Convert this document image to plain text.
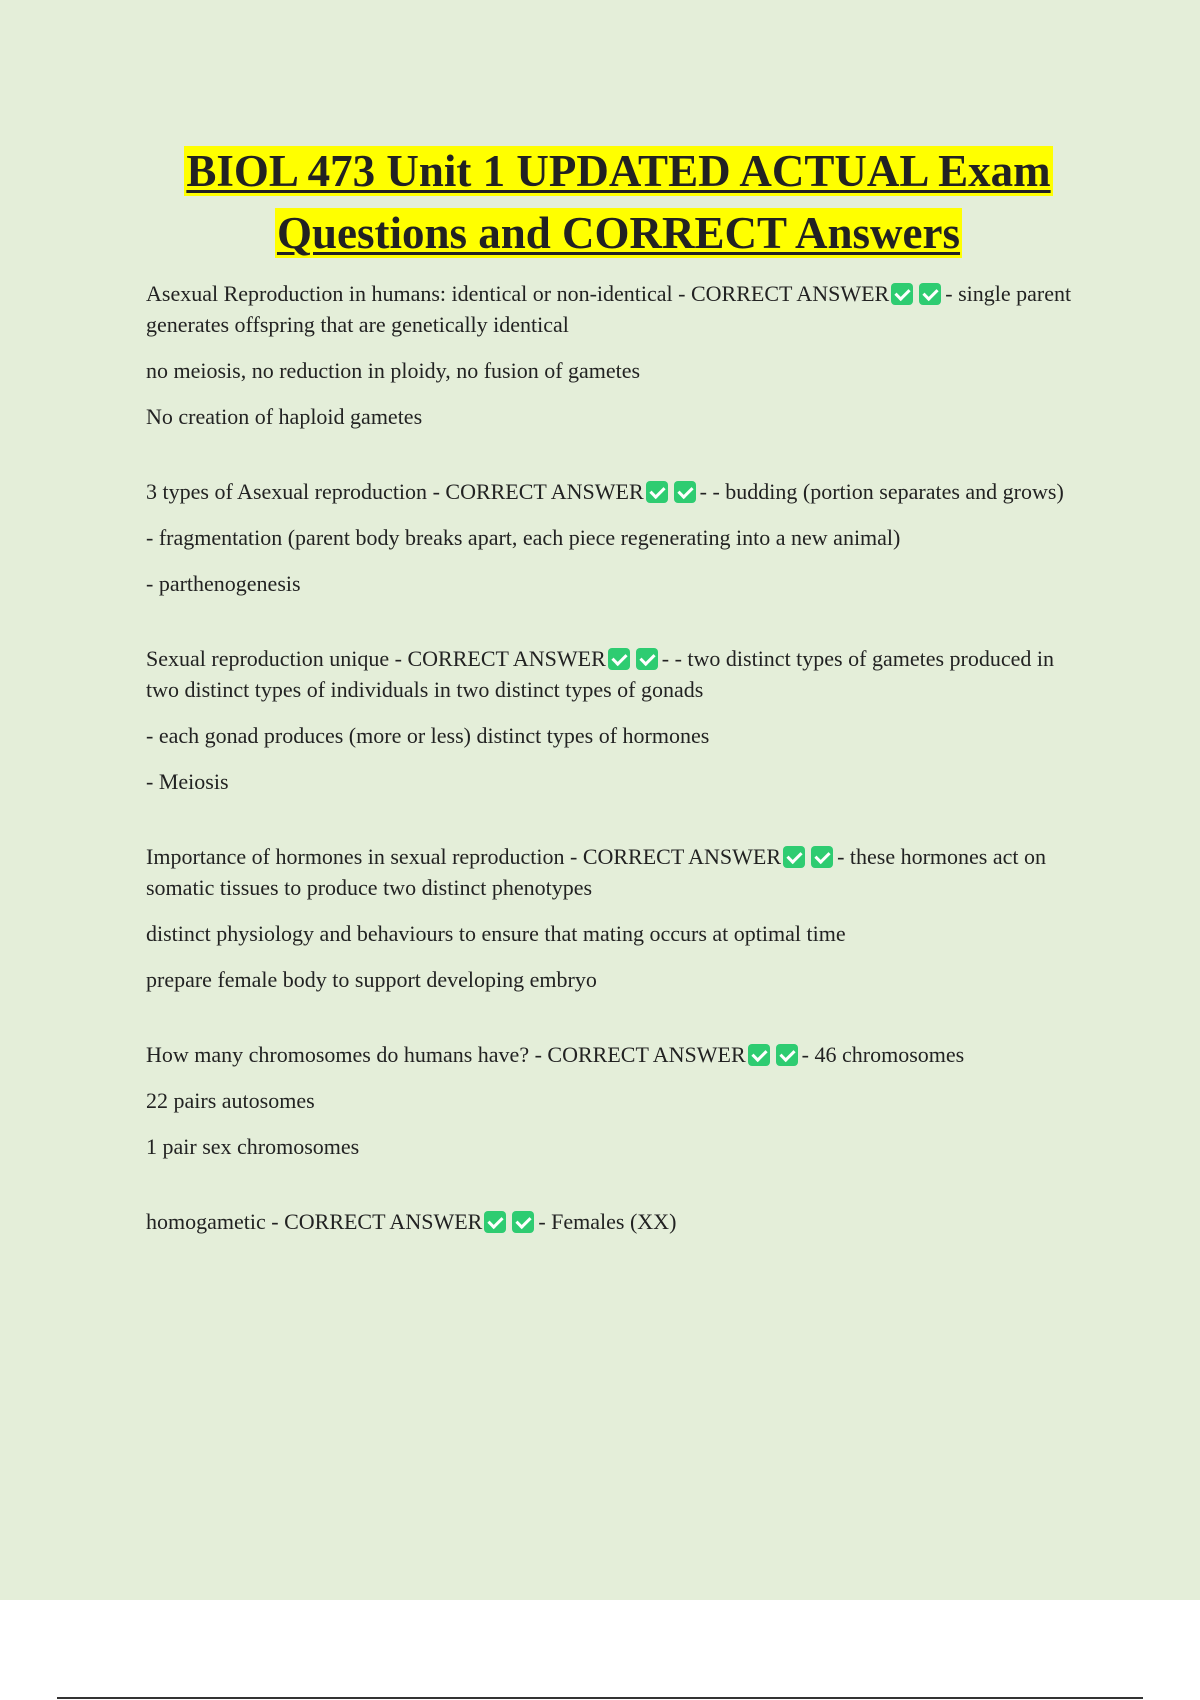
BIOL 473 Unit 1 UPDATED ACTUAL Exam
Questions and CORRECT Answers
Asexual Reproduction in humans: identical or non-identical - CORRECT ANSWER	- single parent generates offspring that are genetically identical
no meiosis, no reduction in ploidy, no fusion of gametes
No creation of haploid gametes
3 types of Asexual reproduction - CORRECT ANSWER	- - budding (portion separates and grows)
- fragmentation (parent body breaks apart, each piece regenerating into a new animal)
- parthenogenesis
Sexual reproduction unique - CORRECT ANSWER	- - two distinct types of gametes produced in two distinct types of individuals in two distinct types of gonads
- each gonad produces (more or less) distinct types of hormones
- Meiosis
Importance of hormones in sexual reproduction - CORRECT ANSWER	- these hormones act on somatic tissues to produce two distinct phenotypes
distinct physiology and behaviours to ensure that mating occurs at optimal time
prepare female body to support developing embryo
How many chromosomes do humans have? - CORRECT ANSWER	- 46 chromosomes
22 pairs autosomes
1 pair sex chromosomes
homogametic - CORRECT ANSWER	- Females (XX)
